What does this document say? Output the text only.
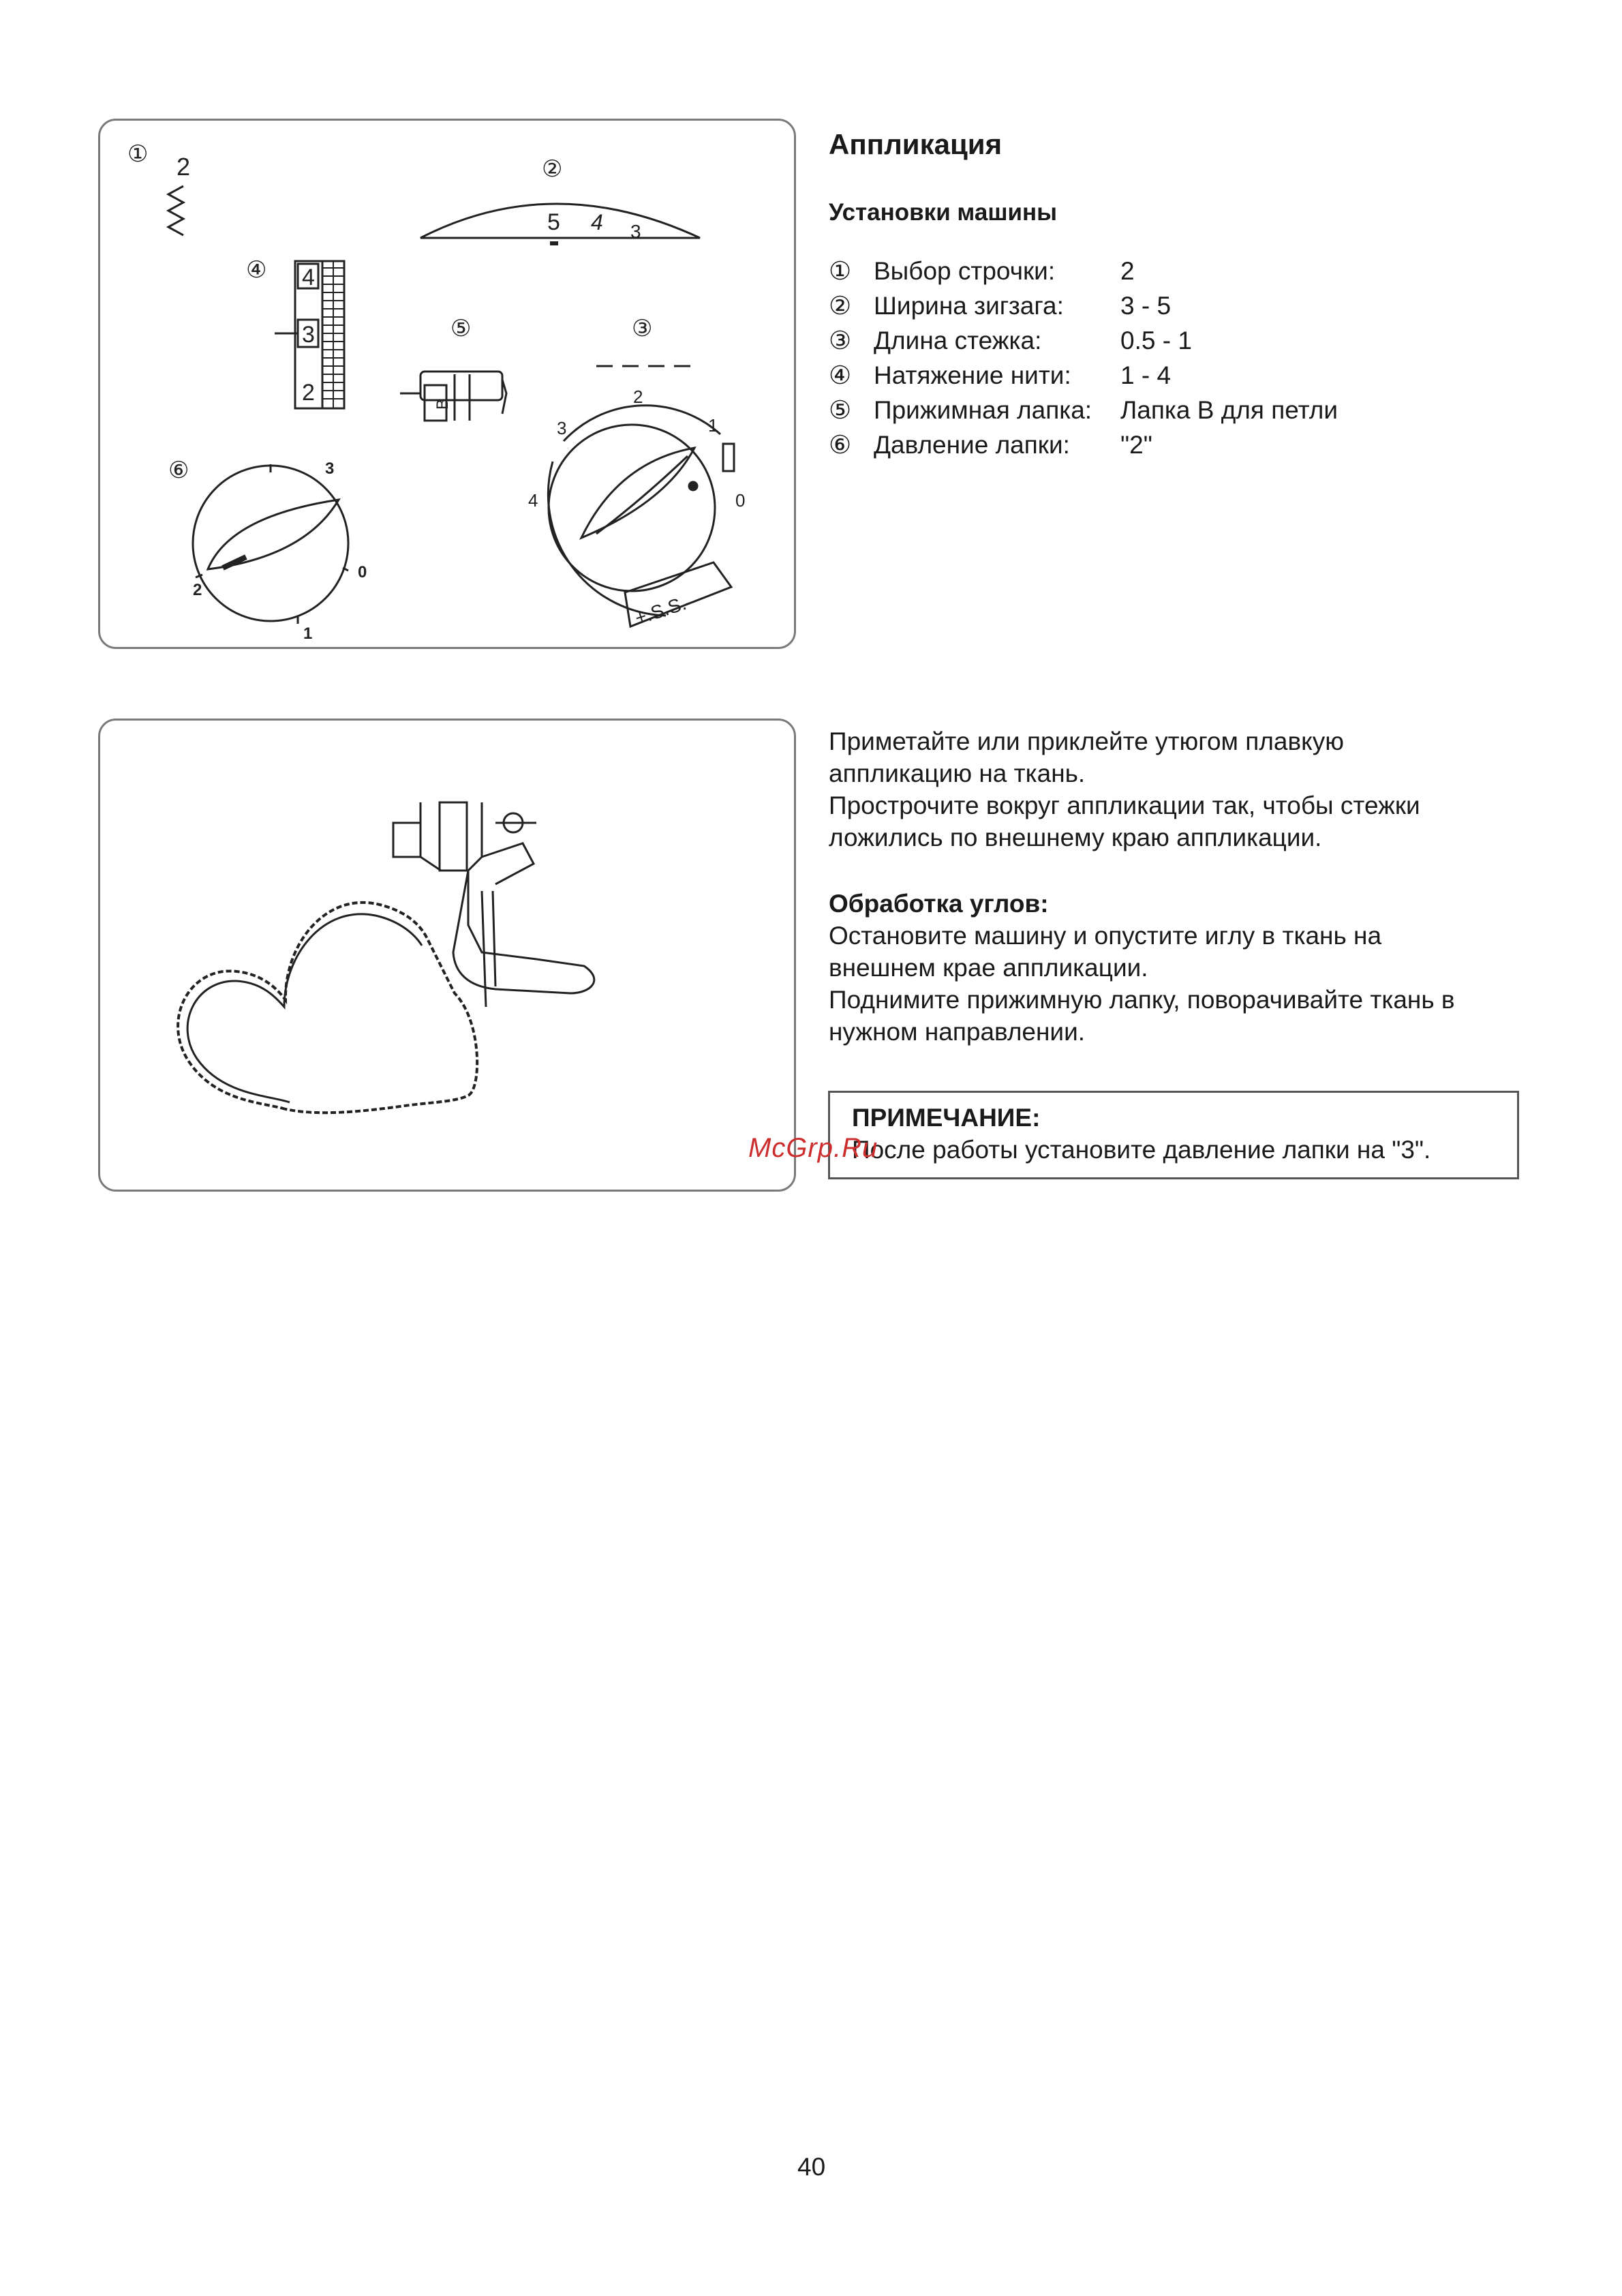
① 2	②
5 4 3
④ 4
3
2
⑤
B
③
2
3	1
4	0
+.S.S.–
⑥	3
2
0
1
Аппликация
Установки машины
① Выбор строчки:	2
② Ширина зигзага:	3 - 5
③ Длина стежка:	0.5 - 1
④ Натяжение нити:	1 - 4
⑤ Прижимная лапка:	Лапка В для петли
⑥ Давление лапки:	"2"

Приметайте или приклейте утюгом плавкую

аппликацию на ткань.

Прострочите вокруг аппликации так, чтобы стежки

ложились по внешнему краю аппликации.

Обработка углов:

Остановите машину и опустите иглу в ткань на

внешнем крае аппликации.

Поднимите прижимную лапку, поворачивайте ткань в

нужном направлении.

ПРИМЕЧАНИЕ:
После работы установите давление лапки на "3".
McGrp.Ru
40
